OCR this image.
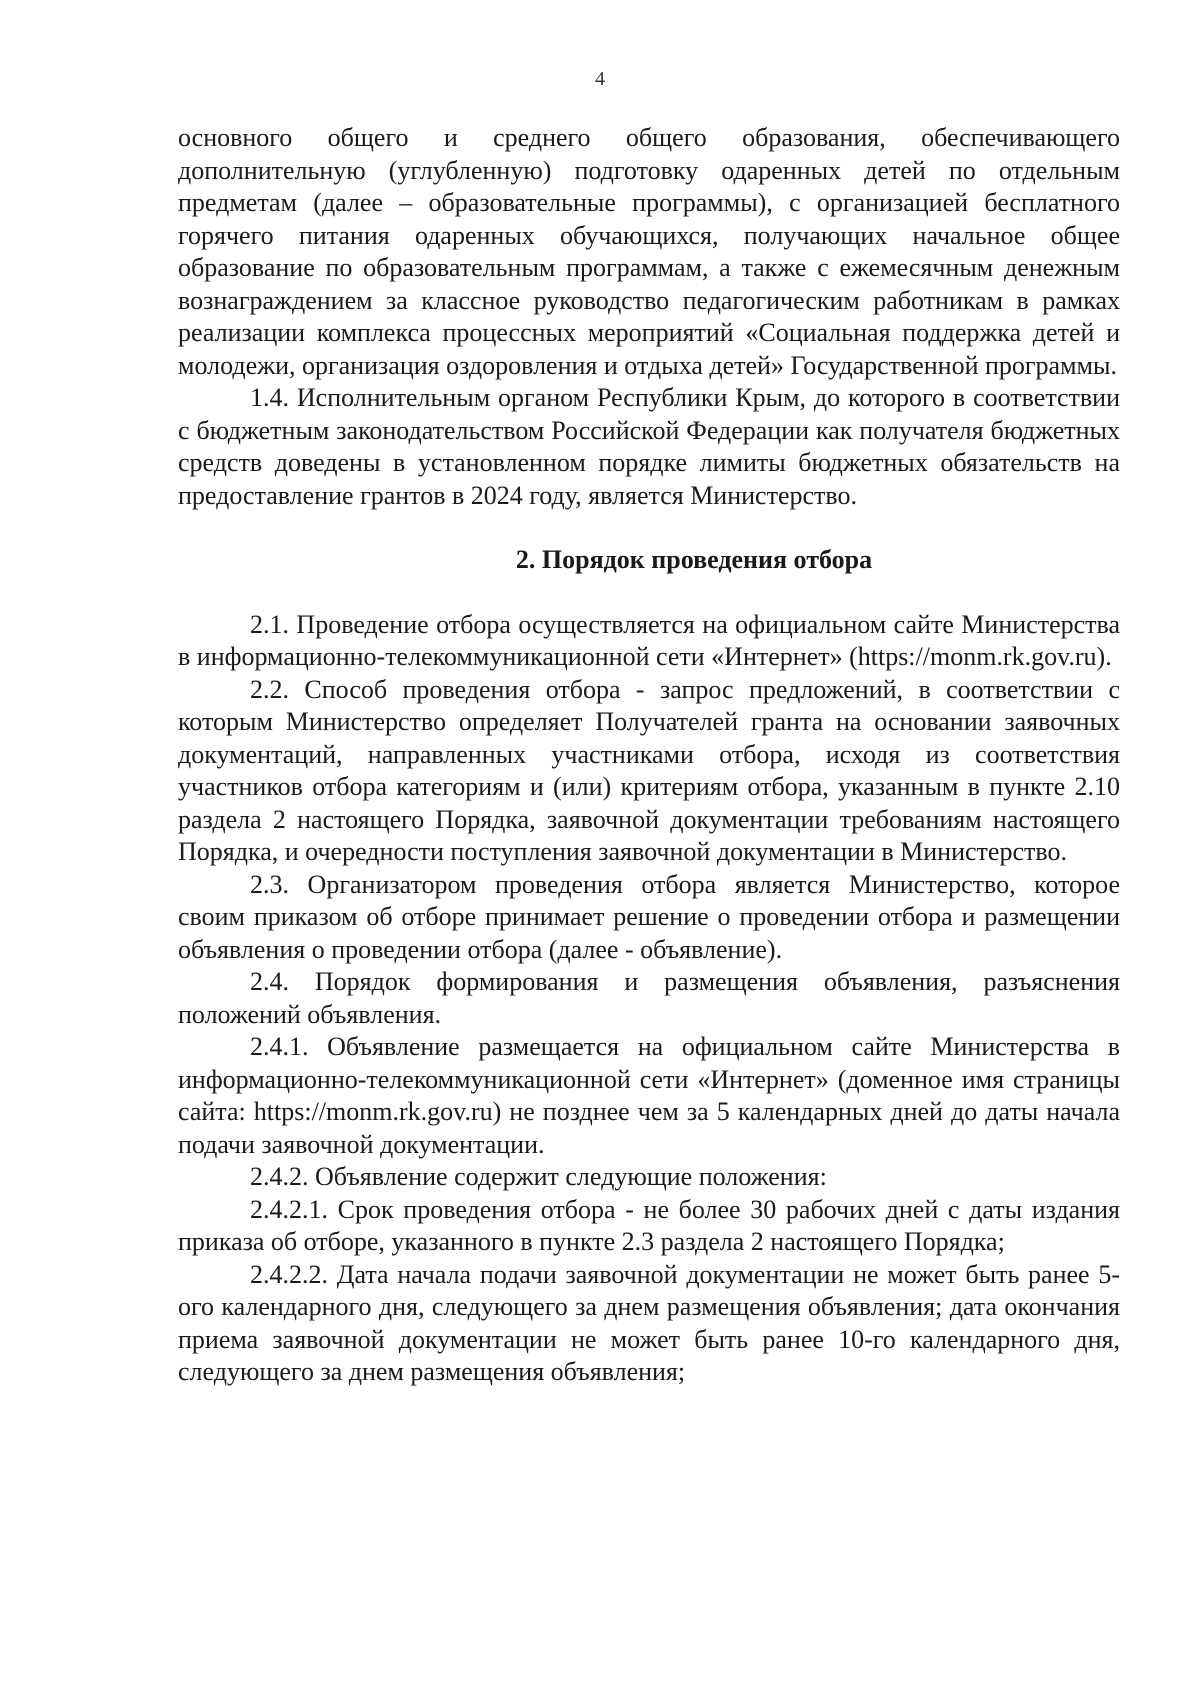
4

основного общего и среднего общего образования, обеспечивающего дополнительную (углубленную) подготовку одаренных детей по отдельным предметам (далее – образовательные программы), с организацией бесплатного горячего питания одаренных обучающихся, получающих начальное общее образование по образовательным программам, а также с ежемесячным денежным вознаграждением за классное руководство педагогическим работникам в рамках реализации комплекса процессных мероприятий «Социальная поддержка детей и молодежи, организация оздоровления и отдыха детей» Государственной программы.

1.4. Исполнительным органом Республики Крым, до которого в соответствии с бюджетным законодательством Российской Федерации как получателя бюджетных средств доведены в установленном порядке лимиты бюджетных обязательств на предоставление грантов в 2024 году, является Министерство.

2. Порядок проведения отбора

2.1. Проведение отбора осуществляется на официальном сайте Министерства в информационно-телекоммуникационной сети «Интернет» (https://monm.rk.gov.ru).

2.2. Способ проведения отбора - запрос предложений, в соответствии с которым Министерство определяет Получателей гранта на основании заявочных документаций, направленных участниками отбора, исходя из соответствия участников отбора категориям и (или) критериям отбора, указанным в пункте 2.10 раздела 2 настоящего Порядка, заявочной документации требованиям настоящего Порядка, и очередности поступления заявочной документации в Министерство.

2.3. Организатором проведения отбора является Министерство, которое своим приказом об отборе принимает решение о проведении отбора и размещении объявления о проведении отбора (далее - объявление).

2.4. Порядок формирования и размещения объявления, разъяснения положений объявления.

2.4.1. Объявление размещается на официальном сайте Министерства в информационно-телекоммуникационной сети «Интернет» (доменное имя страницы сайта: https://monm.rk.gov.ru) не позднее чем за 5 календарных дней до даты начала подачи заявочной документации.

2.4.2. Объявление содержит следующие положения:

2.4.2.1. Срок проведения отбора - не более 30 рабочих дней с даты издания приказа об отборе, указанного в пункте 2.3 раздела 2 настоящего Порядка;

2.4.2.2. Дата начала подачи заявочной документации не может быть ранее 5-ого календарного дня, следующего за днем размещения объявления; дата окончания приема заявочной документации не может быть ранее 10-го календарного дня, следующего за днем размещения объявления;
